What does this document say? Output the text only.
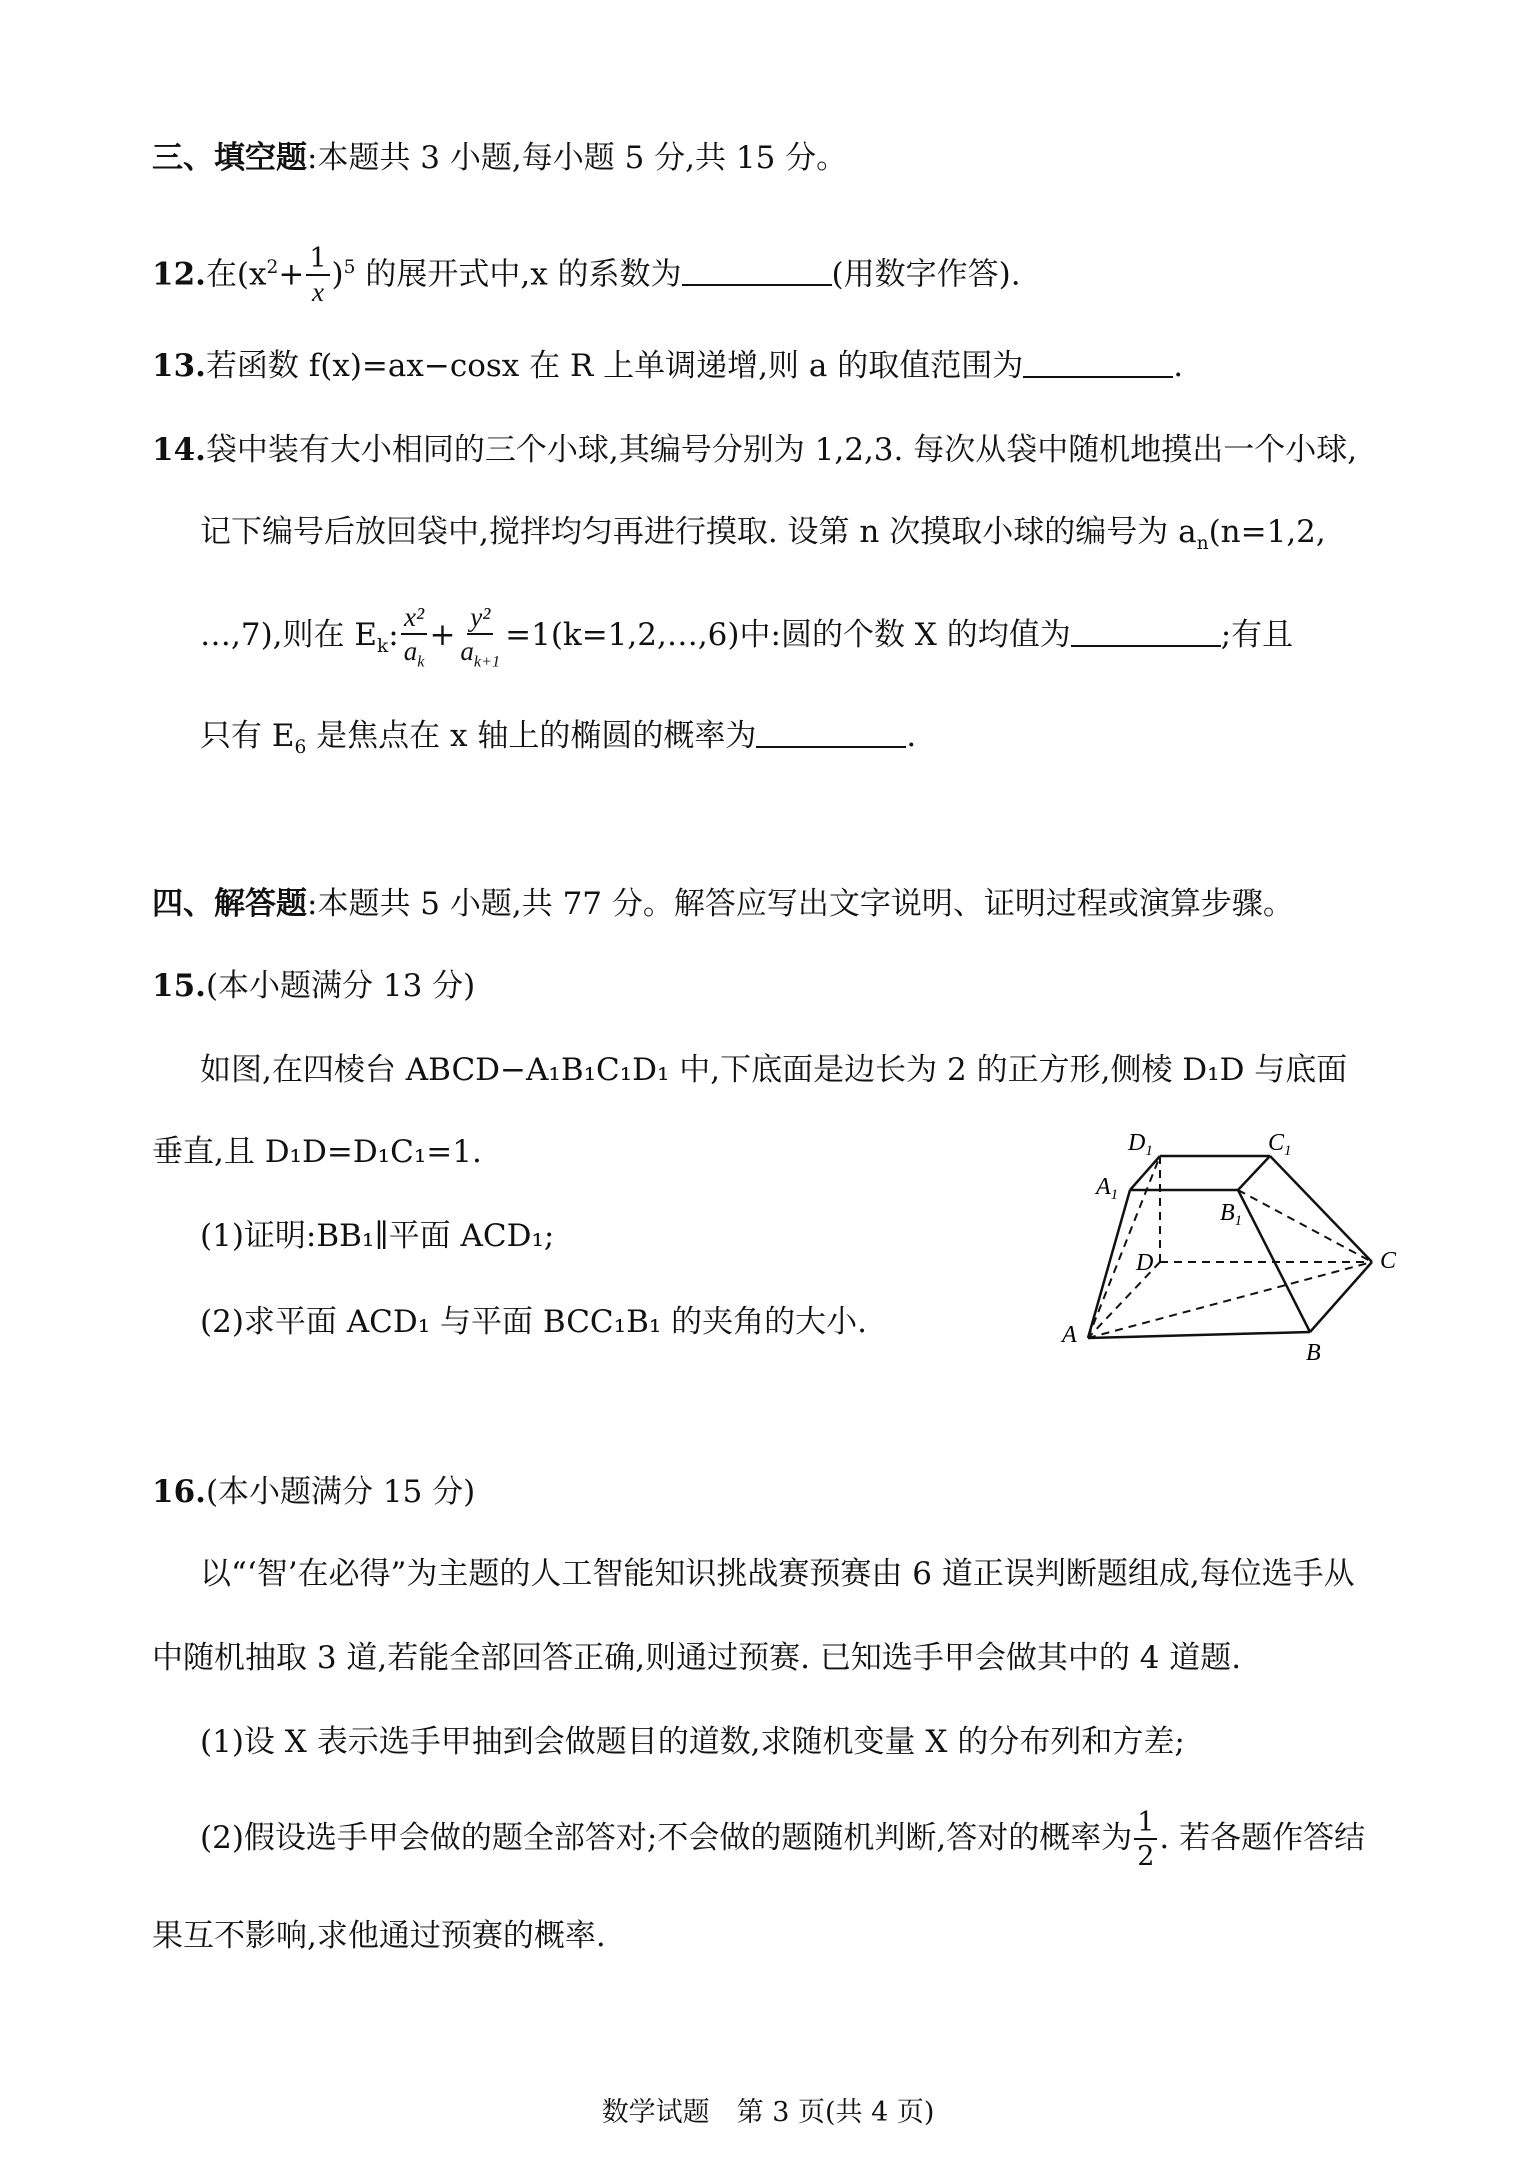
三、填空题:本题共 3 小题,每小题 5 分,共 15 分。
12.在$(x^2+ \frac{1}{x} )^5$ 的展开式中,x 的系数为	(用数字作答).
13.若函数 f(x)=ax−cosx 在 R 上单调递增,则 a 的取值范围为	.
14.袋中装有大小相同的三个小球,其编号分别为 1,2,3. 每次从袋中随机地摸出一个小球,
记下编号后放回袋中,搅拌均匀再进行摸取. 设第 n 次摸取小球的编号为 $a_n(n=1,2$,
…,7),则在 $E_k$: $\frac{\text{x²}}{a_k} + \frac{\text{y²}}{a_{k+1}}$ =1(k=1,2,…,6)中:圆的个数 X 的均值为	;有且
只有 $E_6$ 是焦点在 x 轴上的椭圆的概率为	.
四、解答题:本题共 5 小题,共 77 分。解答应写出文字说明、证明过程或演算步骤。
15.(本小题满分 13 分)
如图,在四棱台 ABCD−A₁B₁C₁D₁ 中,下底面是边长为 2 的正方形,侧棱 D₁D 与底面
垂直,且 D₁D=D₁C₁=1.
(1)证明:BB₁∥平面 ACD₁;
(2)求平面 ACD₁ 与平面 BCC₁B₁ 的夹角的大小.
$D_1$	$C_1$
$A_1$
$B_1$
D	C
A
B
16.(本小题满分 15 分)
以“‘智’在必得”为主题的人工智能知识挑战赛预赛由 6 道正误判断题组成,每位选手从
中随机抽取 3 道,若能全部回答正确,则通过预赛. 已知选手甲会做其中的 4 道题.
(1)设 X 表示选手甲抽到会做题目的道数,求随机变量 X 的分布列和方差;
(2)假设选手甲会做的题全部答对;不会做的题随机判断,答对的概率为 $\frac{1}{2}$ . 若各题作答结
果互不影响,求他通过预赛的概率.
数学试题　第 3 页(共 4 页)
